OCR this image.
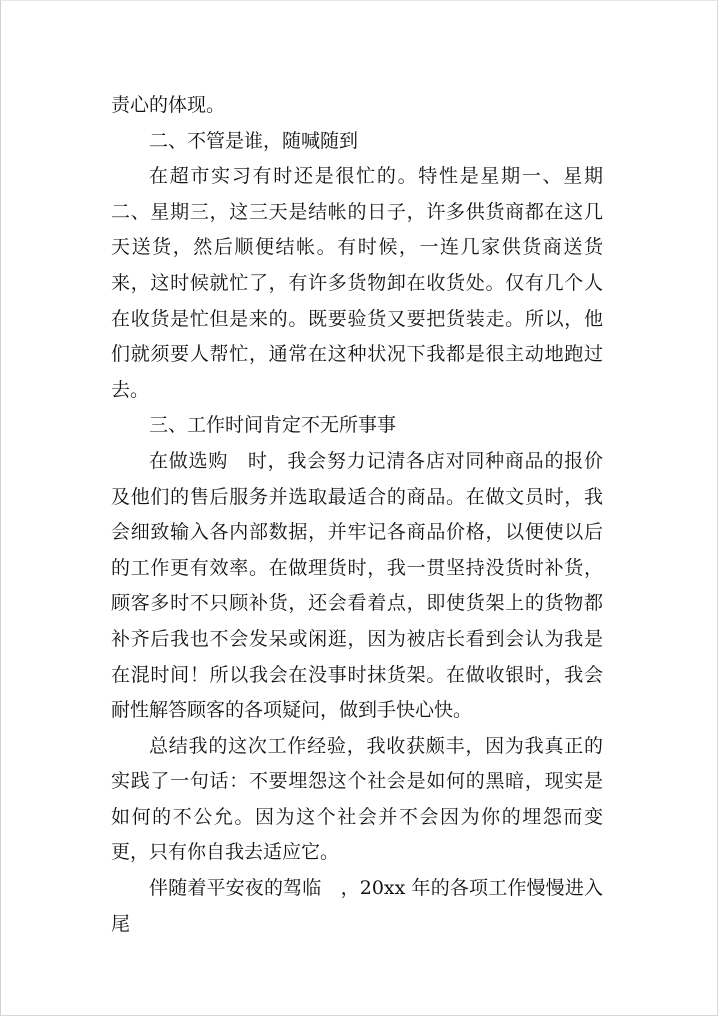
责心的体现。

二、不管是谁，随喊随到

在超市实习有时还是很忙的。特性是星期一、星期二、星期三，这三天是结帐的日子，许多供货商都在这几天送货，然后顺便结帐。有时候，一连几家供货商送货来，这时候就忙了，有许多货物卸在收货处。仅有几个人在收货是忙但是来的。既要验货又要把货装走。所以，他们就须要人帮忙，通常在这种状况下我都是很主动地跑过去。

三、工作时间肯定不无所事事

在做选购　时，我会努力记清各店对同种商品的报价及他们的售后服务并选取最适合的商品。在做文员时，我会细致输入各内部数据，并牢记各商品价格，以便使以后的工作更有效率。在做理货时，我一贯坚持没货时补货，顾客多时不只顾补货，还会看着点，即使货架上的货物都补齐后我也不会发呆或闲逛，因为被店长看到会认为我是在混时间！所以我会在没事时抹货架。在做收银时，我会耐性解答顾客的各项疑问，做到手快心快。

总结我的这次工作经验，我收获颇丰，因为我真正的实践了一句话：不要埋怨这个社会是如何的黑暗，现实是如何的不公允。因为这个社会并不会因为你的埋怨而变更，只有你自我去适应它。

伴随着平安夜的驾临　，20xx 年的各项工作慢慢进入尾
